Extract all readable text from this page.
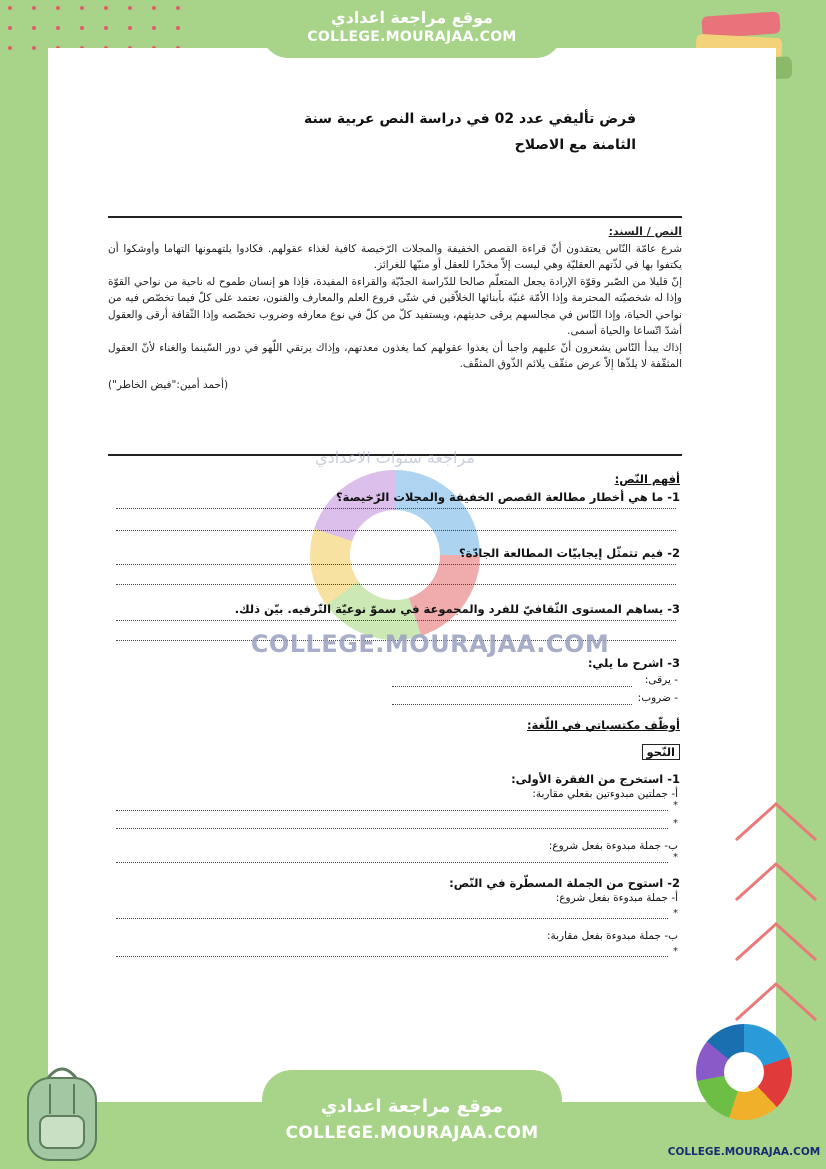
موقع مراجعة اعدادي
COLLEGE.MOURAJAA.COM
فرض تأليفي عدد 02 في دراسة النص عربية سنة
الثامنة مع الاصلاح
النص / السند:

شرع عامّة النّاس يعتقدون أنّ قراءة القصص الخفيفة والمجلات الرّخيصة كافية لغذاء عقولهم. فكادوا يلتهمونها التهاما وأوشكوا أن يكتفوا بها في لذّتهم العقليّة وهي ليست إلاّ مخدّرا للعقل أو منبّها للغرائز.

إنّ قليلا من الصّبر وقوّة الإرادة يجعل المتعلّم صالحا للدّراسة الجدّيّة والقراءة المفيدة، فإذا هو إنسان طموح له ناحية من نواحي القوّة وإذا له شخصيّته المحترمة وإذا الأمّة غنيّة بأبنائها الخلاّقين في شتّى فروع العلم والمعارف والفنون، تعتمد على كلّ فيما تخصّص فيه من نواحي الحياة، وإذا النّاس في مجالسهم يرقى حديثهم، ويستفيد كلّ من كلّ في نوع معارفه وضروب تخصّصه وإذا الثّقافة أرقى والعقول أشدّ اتّساعا والحياة أسمى.

إذاك يبدأ النّاس يشعرون أنّ عليهم واجبا أن يغذوا عقولهم كما يغذون معدتهم، وإذاك يرتقي اللّهو في دور السّينما والغناء لأنّ العقول المثقّفة لا يلذّها إلاّ عرض مثقّف يلائم الذّوق المثقّف.

(أحمد أمين:"فيض الخاطر")

مراجعة سنوات الاعدادي
أفهم النّص:
1- ما هي أخطار مطالعة القصص الخفيفة والمجلات الرّخيصة؟
2- فيم تتمثّل إيجابيّات المطالعة الجادّة؟
3- يساهم المستوى الثّقافيّ للفرد والمجموعة في سموّ نوعيّة التّرفيه. بيّن ذلك.
COLLEGE.MOURAJAA.COM
3- اشرح ما يلي:
- يرقى:
- ضروب:
أوظّف مكتسباتي في اللّغة:
النّحو
1- استخرج من الفقرة الأولى:
أ- جملتين مبدوءتين بفعلي مقاربة:
*
*
ب- جملة مبدوءة بفعل شروع:
*
2- استوح من الجملة المسطّرة في النّص:
أ- جملة مبدوءة بفعل شروع:
*
ب- جملة مبدوءة بفعل مقاربة:
*
موقع مراجعة اعدادي
COLLEGE.MOURAJAA.COM
COLLEGE.MOURAJAA.COM
